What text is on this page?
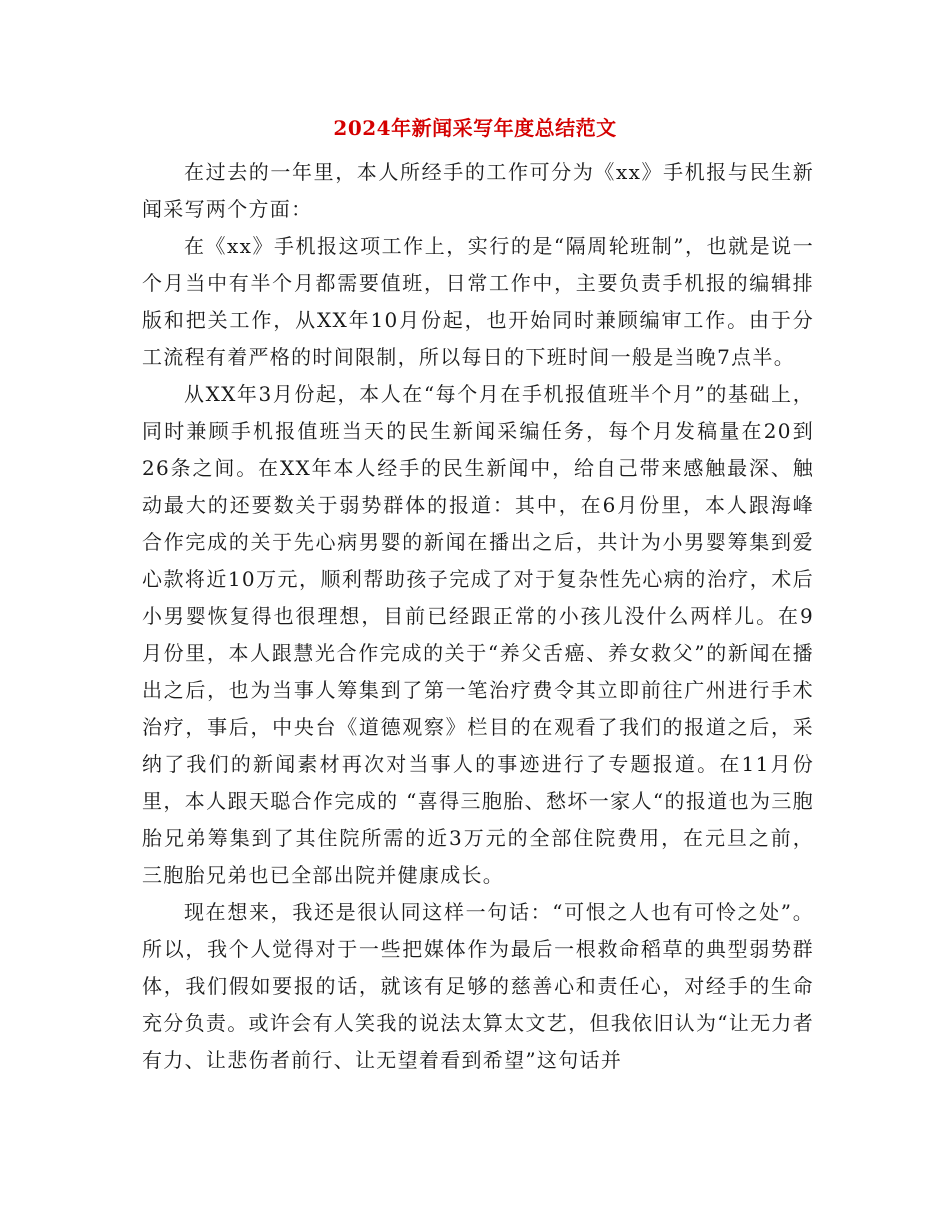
2024年新闻采写年度总结范文

在过去的一年里，本人所经手的工作可分为《xx》手机报与民生新闻采写两个方面：

在《xx》手机报这项工作上，实行的是“隔周轮班制”，也就是说一个月当中有半个月都需要值班，日常工作中，主要负责手机报的编辑排版和把关工作，从XX年10月份起，也开始同时兼顾编审工作。由于分工流程有着严格的时间限制，所以每日的下班时间一般是当晚7点半。

从XX年3月份起，本人在“每个月在手机报值班半个月”的基础上，同时兼顾手机报值班当天的民生新闻采编任务，每个月发稿量在20到26条之间。在XX年本人经手的民生新闻中，给自己带来感触最深、触动最大的还要数关于弱势群体的报道：其中，在6月份里，本人跟海峰合作完成的关于先心病男婴的新闻在播出之后，共计为小男婴筹集到爱心款将近10万元，顺利帮助孩子完成了对于复杂性先心病的治疗，术后小男婴恢复得也很理想，目前已经跟正常的小孩儿没什么两样儿。在9月份里，本人跟慧光合作完成的关于“养父舌癌、养女救父”的新闻在播出之后，也为当事人筹集到了第一笔治疗费令其立即前往广州进行手术治疗，事后，中央台《道德观察》栏目的在观看了我们的报道之后，采纳了我们的新闻素材再次对当事人的事迹进行了专题报道。在11月份里，本人跟天聪合作完成的 “喜得三胞胎、愁坏一家人“的报道也为三胞胎兄弟筹集到了其住院所需的近3万元的全部住院费用，在元旦之前，三胞胎兄弟也已全部出院并健康成长。

现在想来，我还是很认同这样一句话：“可恨之人也有可怜之处”。所以，我个人觉得对于一些把媒体作为最后一根救命稻草的典型弱势群体，我们假如要报的话，就该有足够的慈善心和责任心，对经手的生命充分负责。或许会有人笑我的说法太算太文艺，但我依旧认为“让无力者有力、让悲伤者前行、让无望着看到希望”这句话并
